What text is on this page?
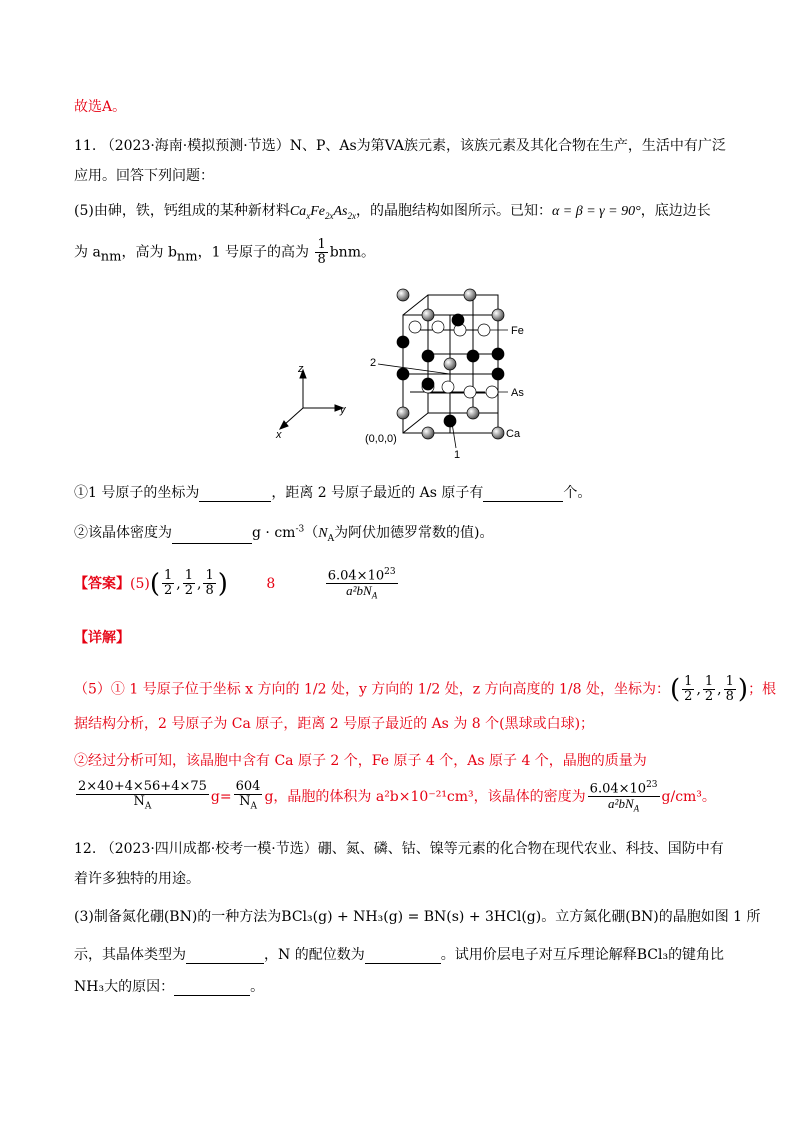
故选A。
11. （2023·海南·模拟预测·节选）N、P、As为第VA族元素，该族元素及其化合物在生产，生活中有广泛
应用。回答下列问题：
(5)由砷，铁，钙组成的某种新材料$Ca_xFe_{2x}As_{2x}$，的晶胞结构如图所示。已知：α = β = γ = 90°，底边边长
为 $a_{nm}$，高为 $b_{nm}$，1 号原子的高为 $\frac{1}{8}$ bnm。
z
y
x
Fe
As
Ca
2
1
(0,0,0)
①1 号原子的坐标为	，距离 2 号原子最近的 As 原子有	个。
②该晶体密度为	$g \cdot cm^{-3}(N_A$为阿伏加德罗常数的值)。
【答案】$(5)( \frac{1}{2}$ , $\frac{1}{2}$ , $\frac{1}{8}$ )	8	$\frac{6.04\times 10^{23}}{a^2bN_A}$
【详解】
（5）① 1 号原子位于坐标 x 方向的 1/2 处，y 方向的 1/2 处，z 方向高度的 1/8 处，坐标为：( $\frac{1}{2}$ , $\frac{1}{2}$ , $\frac{1}{8}$ )；根
据结构分析，2 号原子为 Ca 原子，距离 2 号原子最近的 As 为 8 个(黑球或白球)；
②经过分析可知，该晶胞中含有 Ca 原子 2 个，Fe 原子 4 个，As 原子 4 个，晶胞的质量为
$\frac{2\times 40+4\times 56+4\times 75}{N_A} g= \frac{604}{N_A}$ g，晶胞的体积为 a²b×10⁻²¹cm³，该晶体的密度为 $\frac{6.04\times 10^{23}}{a^2bN_A} g/cm^3$。
12. （2023·四川成都·校考一模·节选）硼、氮、磷、钴、镍等元素的化合物在现代农业、科技、国防中有
着许多独特的用途。
(3)制备氮化硼(BN)的一种方法为BCl₃(g) + NH₃(g) = BN(s) + 3HCl(g)。立方氮化硼(BN)的晶胞如图 1 所
示，其晶体类型为	，N 的配位数为	。试用价层电子对互斥理论解释BCl₃的键角比
NH₃大的原因：	。
